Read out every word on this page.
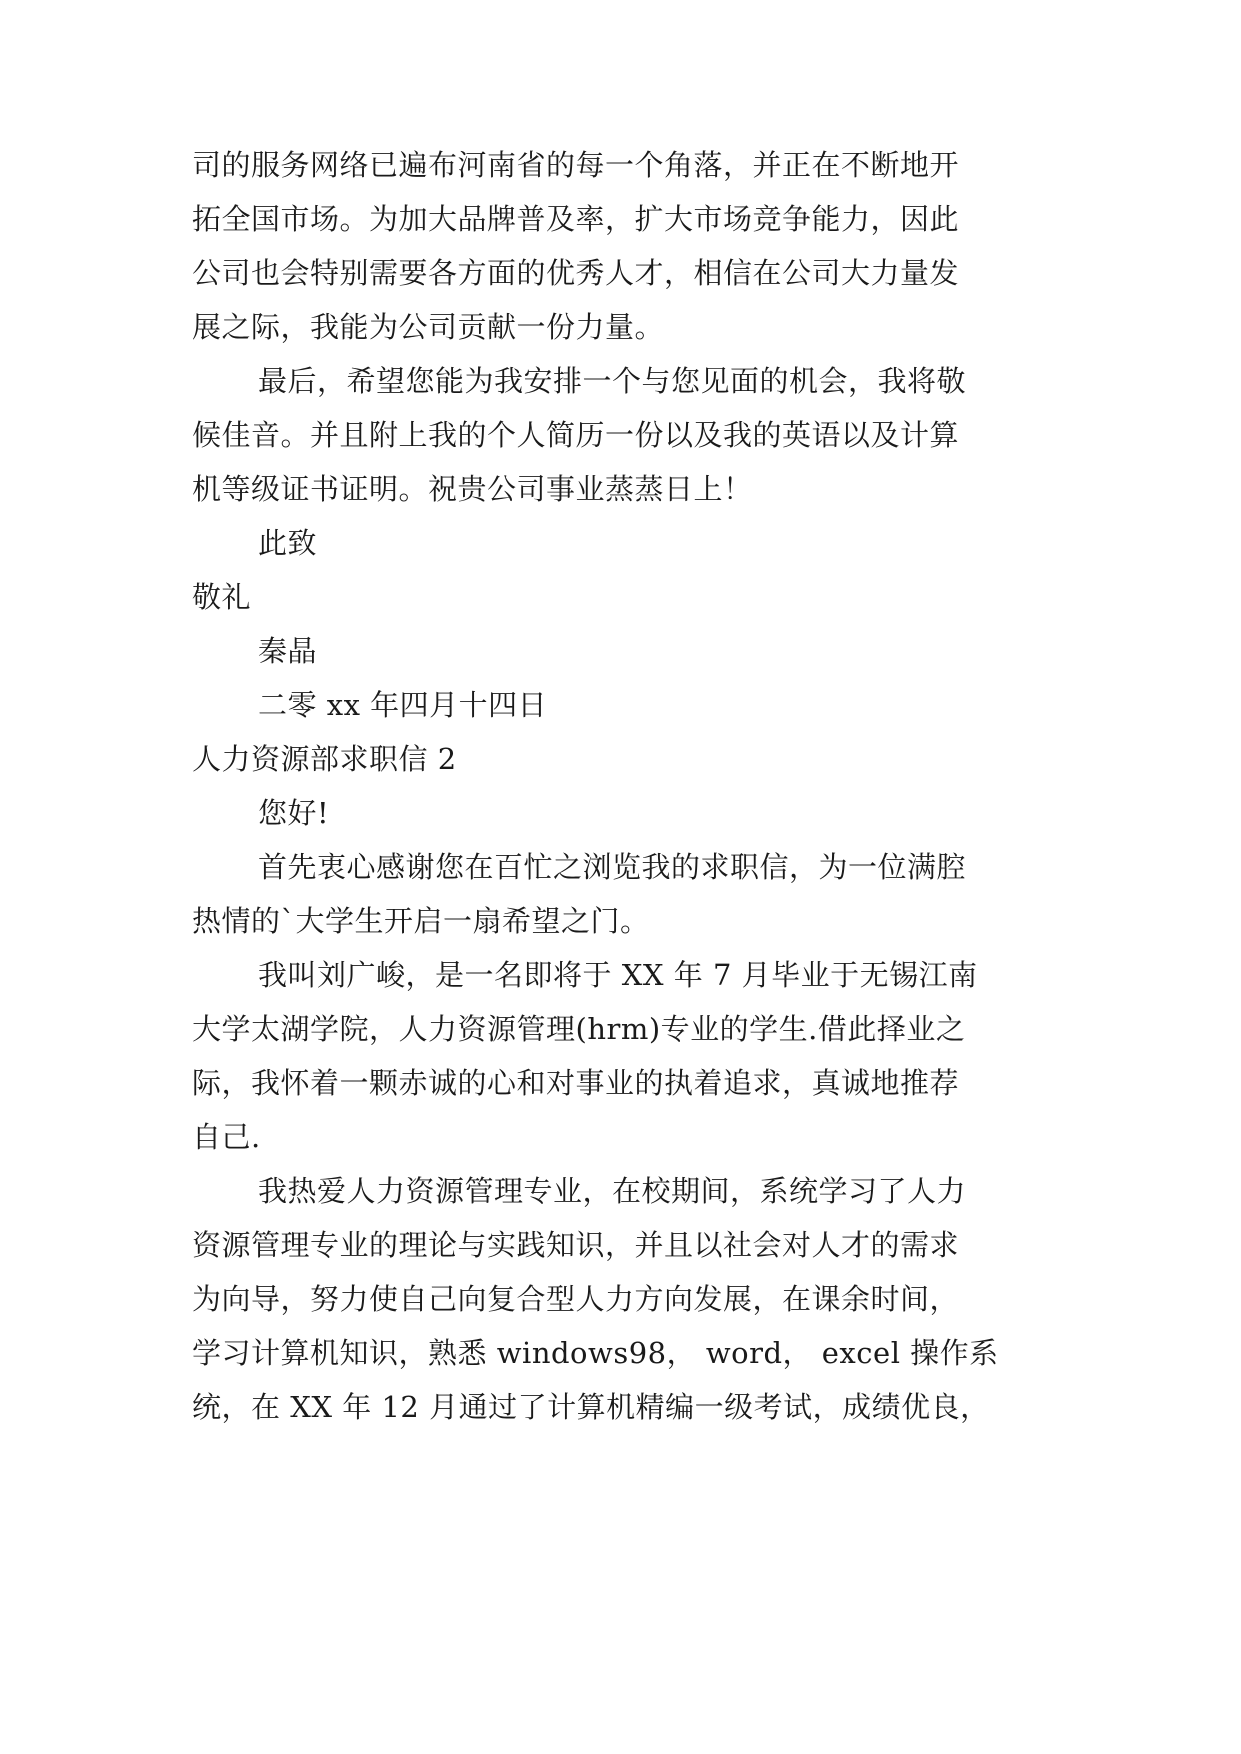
司的服务网络已遍布河南省的每一个角落，并正在不断地开
拓全国市场。为加大品牌普及率，扩大市场竞争能力，因此
公司也会特别需要各方面的优秀人才，相信在公司大力量发
展之际，我能为公司贡献一份力量。
最后，希望您能为我安排一个与您见面的机会，我将敬
候佳音。并且附上我的个人简历一份以及我的英语以及计算
机等级证书证明。祝贵公司事业蒸蒸日上！
此致
敬礼
秦晶
二零 xx 年四月十四日
人力资源部求职信 2
您好!
首先衷心感谢您在百忙之浏览我的求职信，为一位满腔
热情的`大学生开启一扇希望之门。
我叫刘广峻，是一名即将于 XX 年 7 月毕业于无锡江南
大学太湖学院，人力资源管理(hrm)专业的学生.借此择业之
际，我怀着一颗赤诚的心和对事业的执着追求，真诚地推荐
自己.
我热爱人力资源管理专业，在校期间，系统学习了人力
资源管理专业的理论与实践知识，并且以社会对人才的需求
为向导，努力使自己向复合型人力方向发展，在课余时间，
学习计算机知识，熟悉 windows98， word， excel 操作系
统，在 XX 年 12 月通过了计算机精编一级考试，成绩优良，
